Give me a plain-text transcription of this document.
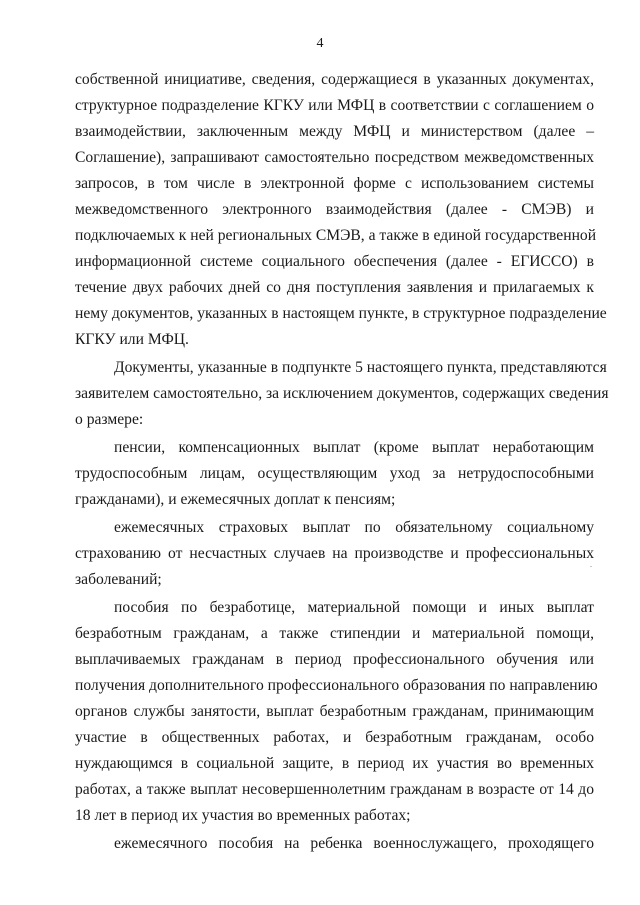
4
собственной инициативе, сведения, содержащиеся в указанных документах,
структурное подразделение КГКУ или МФЦ в соответствии с соглашением о
взаимодействии, заключенным между МФЦ и министерством (далее –
Соглашение), запрашивают самостоятельно посредством межведомственных
запросов, в том числе в электронной форме с использованием системы
межведомственного электронного взаимодействия (далее - СМЭВ) и
подключаемых к ней региональных СМЭВ, а также в единой государственной
информационной системе социального обеспечения (далее - ЕГИССО) в
течение двух рабочих дней со дня поступления заявления и прилагаемых к
нему документов, указанных в настоящем пункте, в структурное подразделение
КГКУ или МФЦ.
Документы, указанные в подпункте 5 настоящего пункта, представляются
заявителем самостоятельно, за исключением документов, содержащих сведения
о размере:
пенсии, компенсационных выплат (кроме выплат неработающим
трудоспособным лицам, осуществляющим уход за нетрудоспособными
гражданами), и ежемесячных доплат к пенсиям;
ежемесячных страховых выплат по обязательному социальному
страхованию от несчастных случаев на производстве и профессиональных
заболеваний;
пособия по безработице, материальной помощи и иных выплат
безработным гражданам, а также стипендии и материальной помощи,
выплачиваемых гражданам в период профессионального обучения или
получения дополнительного профессионального образования по направлению
органов службы занятости, выплат безработным гражданам, принимающим
участие в общественных работах, и безработным гражданам, особо
нуждающимся в социальной защите, в период их участия во временных
работах, а также выплат несовершеннолетним гражданам в возрасте от 14 до
18 лет в период их участия во временных работах;
ежемесячного пособия на ребенка военнослужащего, проходящего
